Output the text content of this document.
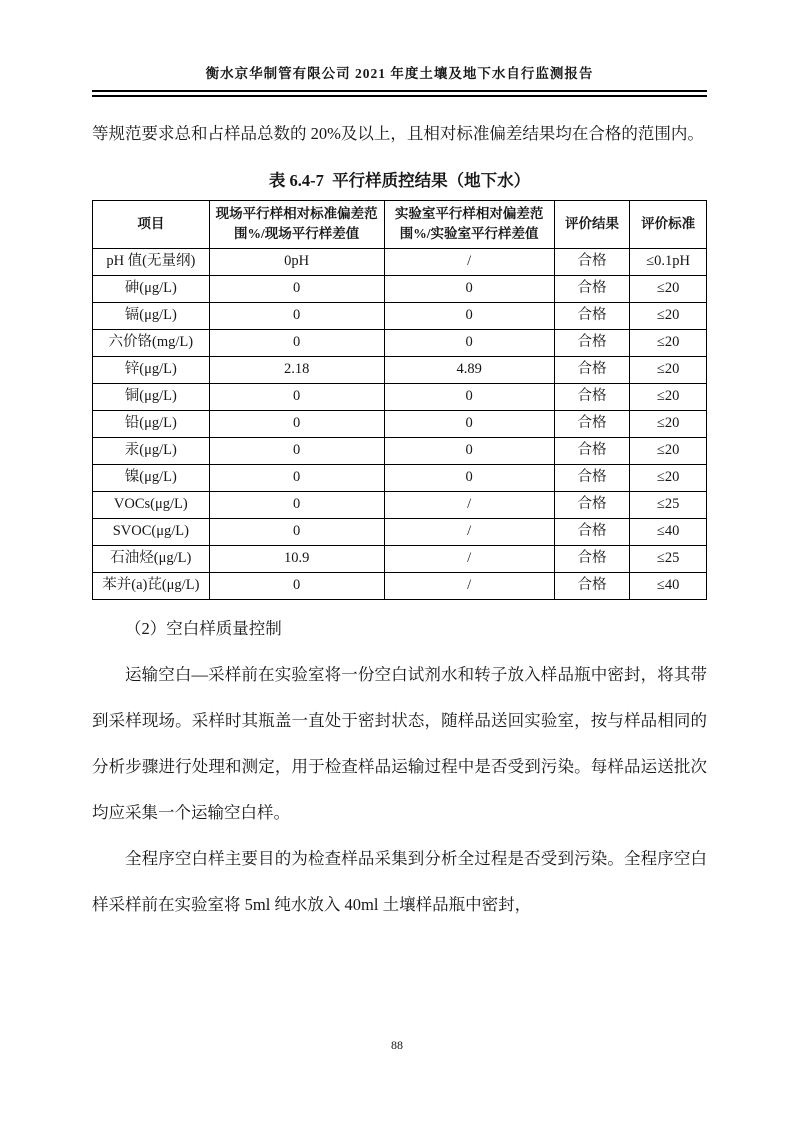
衡水京华制管有限公司 2021 年度土壤及地下水自行监测报告
等规范要求总和占样品总数的 20%及以上，且相对标准偏差结果均在合格的范围内。
表 6.4-7  平行样质控结果（地下水）
项目	现场平行样相对标准偏差范围%/现场平行样差值	实验室平行样相对偏差范围%/实验室平行样差值	评价结果	评价标准
pH 值(无量纲)	0pH	/	合格	≤0.1pH
砷(μg/L)	0	0	合格	≤20
镉(μg/L)	0	0	合格	≤20
六价铬(mg/L)	0	0	合格	≤20
锌(μg/L)	2.18	4.89	合格	≤20
铜(μg/L)	0	0	合格	≤20
铅(μg/L)	0	0	合格	≤20
汞(μg/L)	0	0	合格	≤20
镍(μg/L)	0	0	合格	≤20
VOCs(μg/L)	0	/	合格	≤25
SVOC(μg/L)	0	/	合格	≤40
石油烃(μg/L)	10.9	/	合格	≤25
苯并(a)芘(μg/L)	0	/	合格	≤40
（2）空白样质量控制
运输空白—采样前在实验室将一份空白试剂水和转子放入样品瓶中密封，将其带到采样现场。采样时其瓶盖一直处于密封状态，随样品送回实验室，按与样品相同的分析步骤进行处理和测定，用于检查样品运输过程中是否受到污染。每样品运送批次均应采集一个运输空白样。
全程序空白样主要目的为检查样品采集到分析全过程是否受到污染。全程序空白样采样前在实验室将 5ml 纯水放入 40ml 土壤样品瓶中密封，
88
